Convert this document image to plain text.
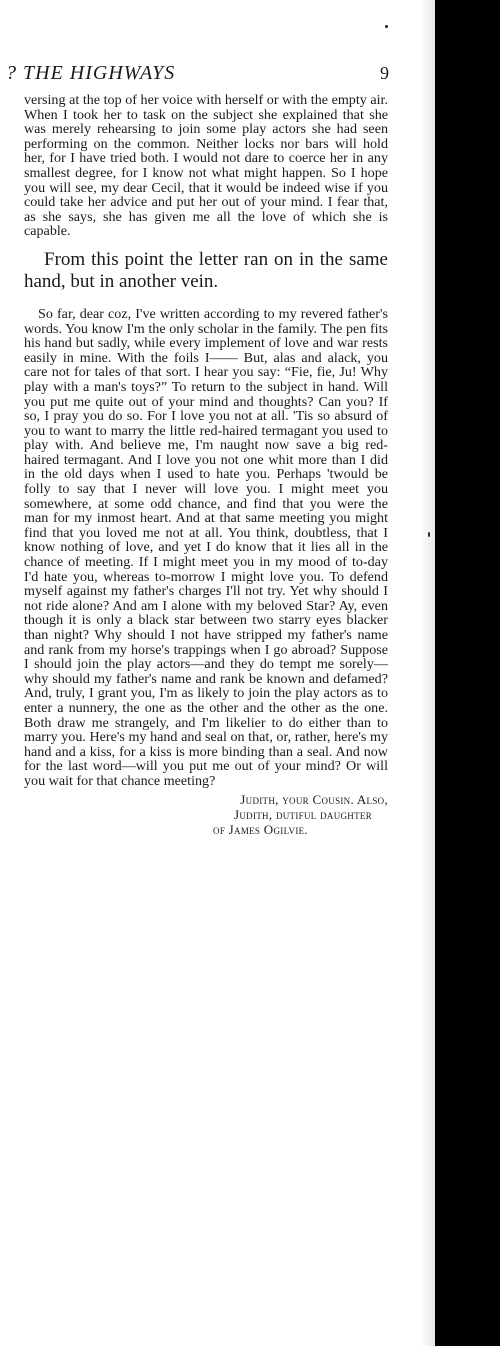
? THE HIGHWAYS	9

versing at the top of her voice with herself or with the empty air. When I took her to task on the subject she explained that she was merely rehearsing to join some play actors she had seen performing on the common. Neither locks nor bars will hold her, for I have tried both. I would not dare to coerce her in any smallest degree, for I know not what might happen. So I hope you will see, my dear Cecil, that it would be indeed wise if you could take her advice and put her out of your mind. I fear that, as she says, she has given me all the love of which she is capable.

From this point the letter ran on in the same hand, but in another vein.

So far, dear coz, I've written according to my revered father's words. You know I'm the only scholar in the family. The pen fits his hand but sadly, while every implement of love and war rests easily in mine. With the foils I—— But, alas and alack, you care not for tales of that sort. I hear you say: “Fie, fie, Ju! Why play with a man's toys?” To return to the subject in hand. Will you put me quite out of your mind and thoughts? Can you? If so, I pray you do so. For I love you not at all. 'Tis so absurd of you to want to marry the little red-haired termagant you used to play with. And believe me, I'm naught now save a big red-haired termagant. And I love you not one whit more than I did in the old days when I used to hate you. Perhaps 'twould be folly to say that I never will love you. I might meet you somewhere, at some odd chance, and find that you were the man for my inmost heart. And at that same meeting you might find that you loved me not at all. You think, doubtless, that I know nothing of love, and yet I do know that it lies all in the chance of meeting. If I might meet you in my mood of to-day I'd hate you, whereas to-morrow I might love you. To defend myself against my father's charges I'll not try. Yet why should I not ride alone? And am I alone with my beloved Star? Ay, even though it is only a black star between two starry eyes blacker than night? Why should I not have stripped my father's name and rank from my horse's trappings when I go abroad? Suppose I should join the play actors—and they do tempt me sorely—why should my father's name and rank be known and defamed? And, truly, I grant you, I'm as likely to join the play actors as to enter a nunnery, the one as the other and the other as the one. Both draw me strangely, and I'm likelier to do either than to marry you. Here's my hand and seal on that, or, rather, here's my hand and a kiss, for a kiss is more binding than a seal. And now for the last word—will you put me out of your mind? Or will you wait for that chance meeting?

Judith, your Cousin. Also,
Judith, dutiful daughter
of James Ogilvie.
